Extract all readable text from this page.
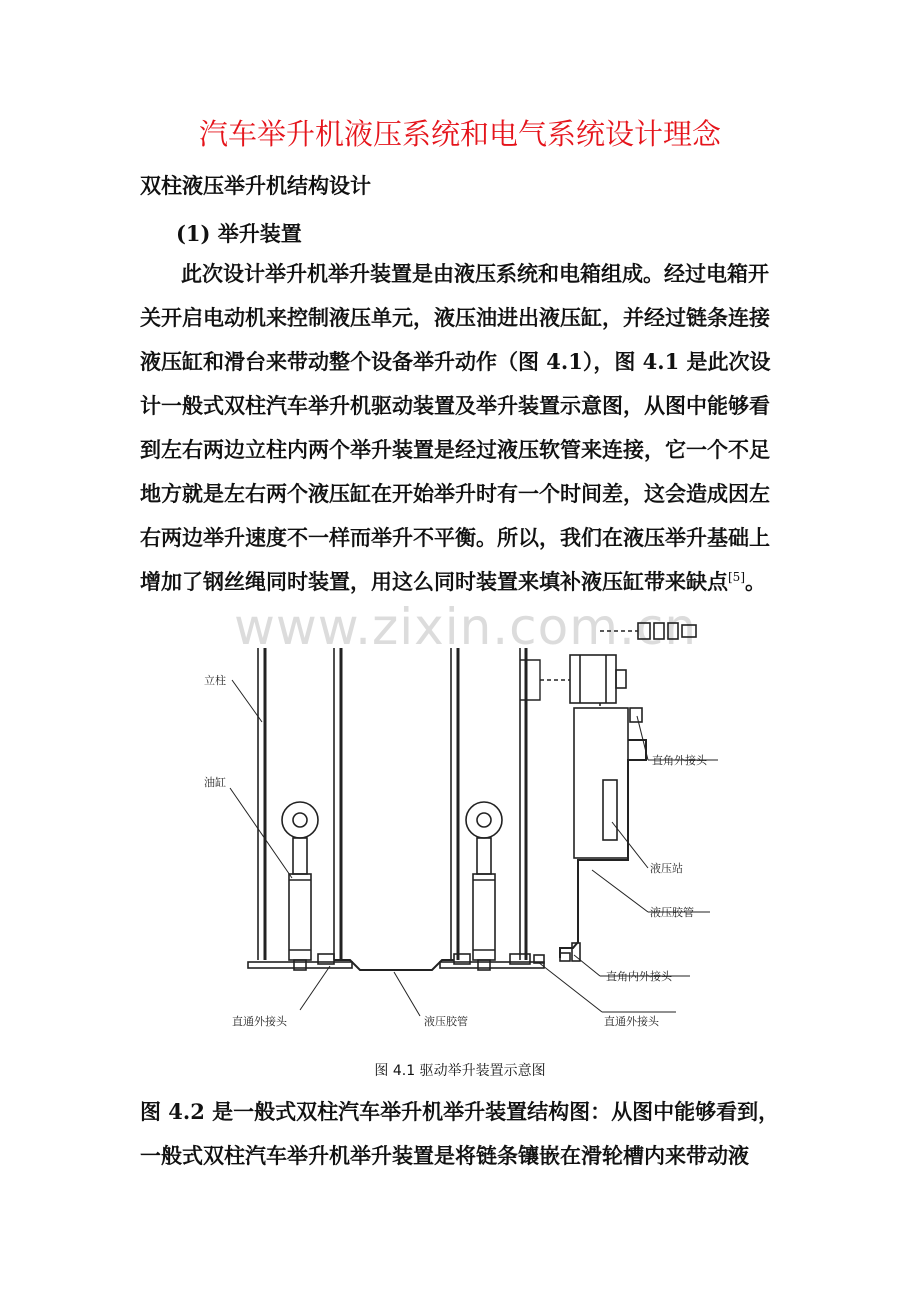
汽车举升机液压系统和电气系统设计理念
双柱液压举升机结构设计
(1) 举升装置
此次设计举升机举升装置是由液压系统和电箱组成。经过电箱开
关开启电动机来控制液压单元，液压油进出液压缸，并经过链条连接
液压缸和滑台来带动整个设备举升动作（图 4.1），图 4.1 是此次设
计一般式双柱汽车举升机驱动装置及举升装置示意图，从图中能够看
到左右两边立柱内两个举升装置是经过液压软管来连接，它一个不足
地方就是左右两个液压缸在开始举升时有一个时间差，这会造成因左
右两边举升速度不一样而举升不平衡。所以，我们在液压举升基础上
增加了钢丝绳同时装置，用这么同时装置来填补液压缸带来缺点[5]。
www.zixin.com.cn
立柱
油缸
直角外接头
液压站
液压胶管
直角内外接头
直通外接头	液压胶管	直通外接头
图 4.1 驱动举升装置示意图
图 4.2 是一般式双柱汽车举升机举升装置结构图：从图中能够看到，
一般式双柱汽车举升机举升装置是将链条镶嵌在滑轮槽内来带动液
